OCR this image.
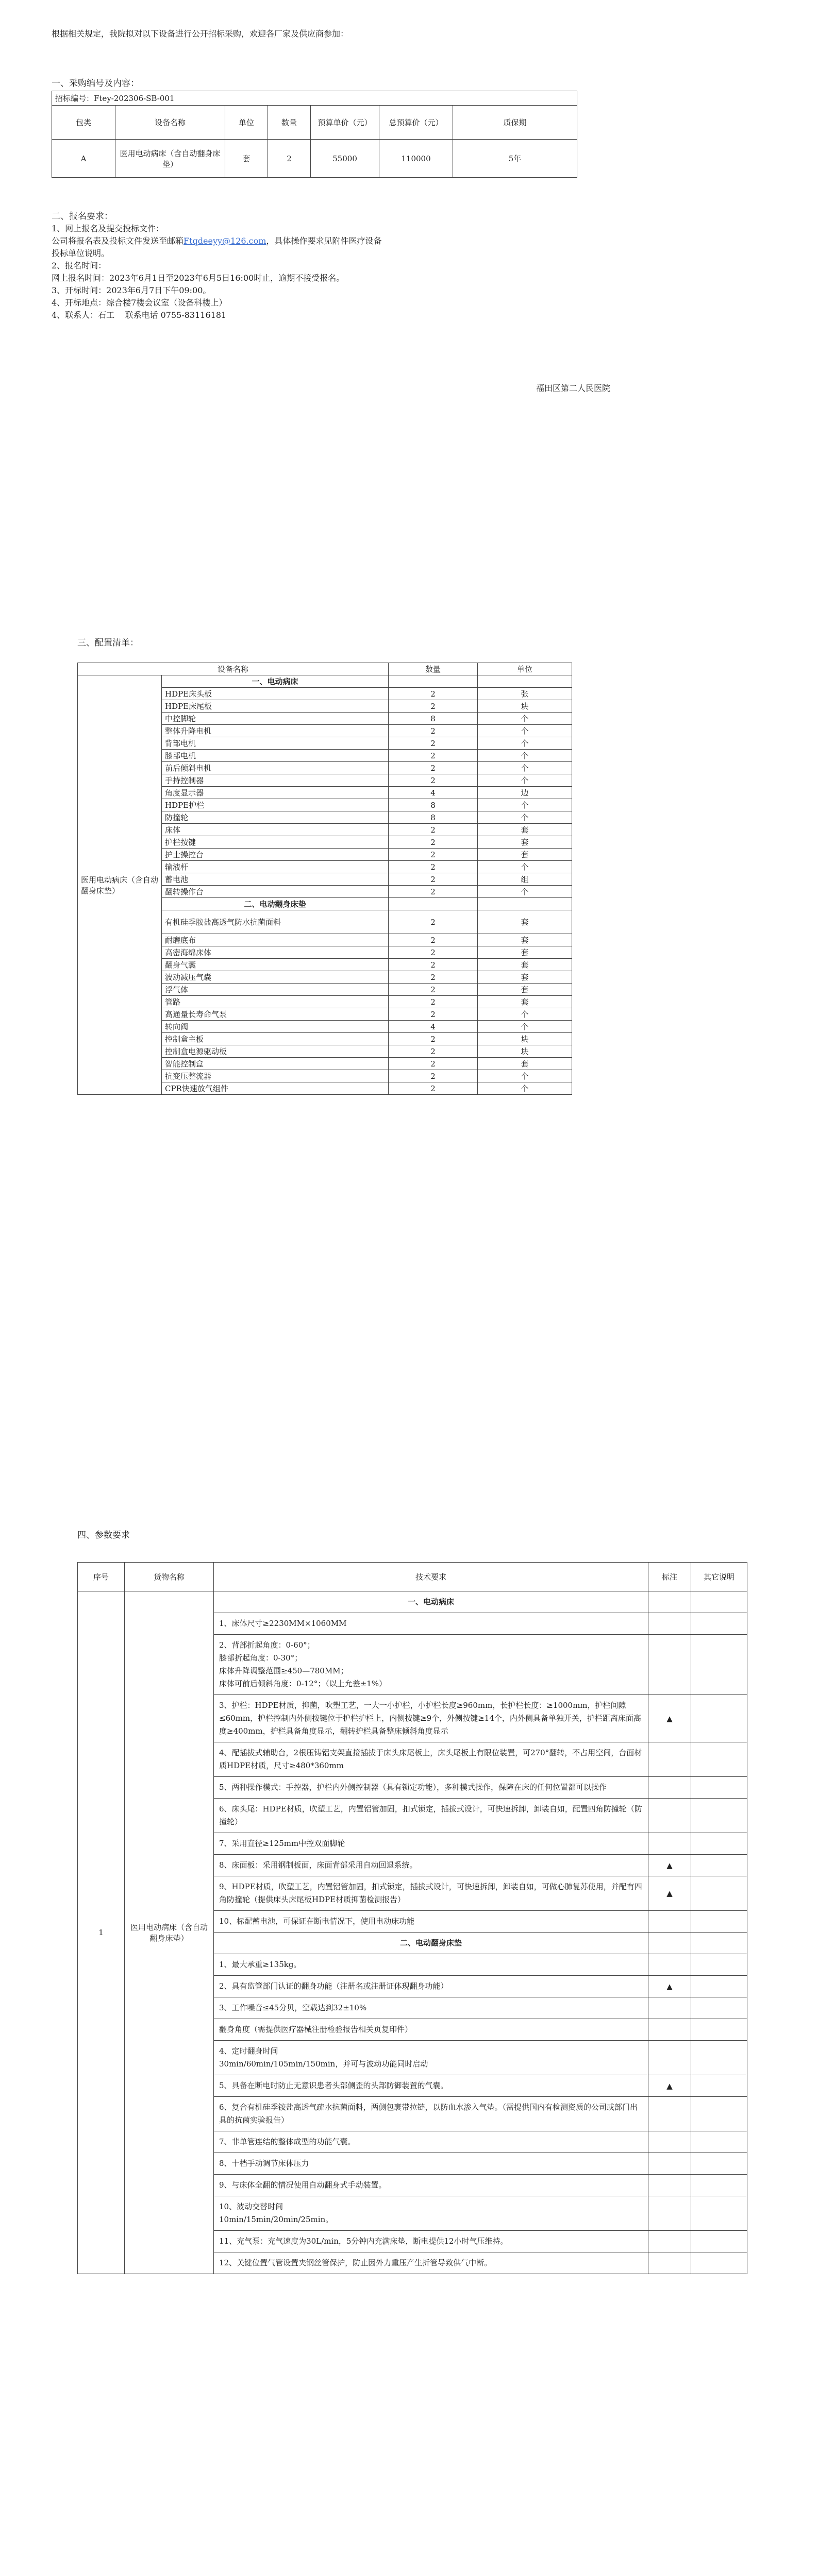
根据相关规定，我院拟对以下设备进行公开招标采购，欢迎各厂家及供应商参加：

一、采购编号及内容：

招标编号：Ftey-202306-SB-001						
包类	设备名称	单位	数量	预算单价（元）	总预算价（元）	质保期
A	医用电动病床（含自动翻身床垫）	套	2	55000	110000	5年

二、报名要求：

1、网上报名及提交投标文件：

公司将报名表及投标文件发送至邮箱Ftqdeeyy@126.com，具体操作要求见附件医疗设备

投标单位说明。

2、报名时间：

网上报名时间：2023年6月1日至2023年6月5日16:00时止，逾期不接受报名。

3、开标时间：2023年6月7日下午09:00。

4、开标地点：综合楼7楼会议室（设备科楼上）

4、联系人：石工    联系电话 0755-83116181

福田区第二人民医院

三、配置清单：

设备名称		数量	单位
医用电动病床（含自动翻身床垫）	一、电动病床		
	HDPE床头板	2	张
	HDPE床尾板	2	块
	中控脚轮	8	个
	整体升降电机	2	个
	背部电机	2	个
	膝部电机	2	个
	前后倾斜电机	2	个
	手持控制器	2	个
	角度显示器	4	边
	HDPE护栏	8	个
	防撞轮	8	个
	床体	2	套
	护栏按键	2	套
	护士操控台	2	套
	输液杆	2	个
	蓄电池	2	组
	翻转操作台	2	个
	二、电动翻身床垫		
	有机硅季胺盐高透气防水抗菌面料	2	套
	耐磨底布	2	套
	高密海绵床体	2	套
	翻身气囊	2	套
	波动减压气囊	2	套
	浮气体	2	套
	管路	2	套
	高通量长寿命气泵	2	个
	转向阀	4	个
	控制盒主板	2	块
	控制盒电源驱动板	2	块
	智能控制盒	2	套
	抗变压整流器	2	个
	CPR快速放气组件	2	个

四、参数要求

序号	货物名称	技术要求	标注	其它说明
1	医用电动病床（含自动翻身床垫）	一、电动病床		
		1、床体尺寸≥2230MM×1060MM		
		2、背部折起角度：0-60°；
膝部折起角度：0-30°；
床体升降调整范围≥450—780MM；
床体可前后倾斜角度：0-12°；（以上允差±1%）		
		3、护栏：HDPE材质，抑菌，吹塑工艺，一大一小护栏，小护栏长度≥960mm，长护栏长度：≥1000mm，护栏间隙≤60mm，护栏控制内外侧按键位于护栏护栏上，内侧按键≥9个，外侧按键≥14个，内外侧具备单独开关，护栏距离床面高度≥400mm，护栏具备角度显示，翻转护栏具备整床倾斜角度显示	▲	
		4、配插拔式辅助台，2根压铸铝支架直接插拔于床头床尾板上，床头尾板上有限位装置，可270°翻转，不占用空间，台面材质HDPE材质，尺寸≥480*360mm		
		5、两种操作模式：手控器，护栏内外侧控制器（具有锁定功能），多种模式操作，保障在床的任何位置都可以操作		
		6、床头尾：HDPE材质，吹塑工艺，内置铝管加固，扣式锁定，插拔式设计，可快速拆卸，卸装自如，配置四角防撞轮（防撞轮）		
		7、采用直径≥125mm中控双面脚轮		
		8、床面板：采用钢制板面，床面背部采用自动回退系统。	▲	
		9、HDPE材质，吹塑工艺，内置铝管加固，扣式锁定，插拔式设计，可快速拆卸，卸装自如，可做心肺复苏使用，并配有四角防撞轮（提供床头床尾板HDPE材质抑菌检测报告）	▲	
		10、标配蓄电池，可保证在断电情况下，使用电动床功能		
		二、电动翻身床垫		
		1、最大承重≥135kg。		
		2、具有监管部门认证的翻身功能（注册名或注册证体现翻身功能）	▲	
		3、工作噪音≤45分贝，空载达到32±10%		
		翻身角度（需提供医疗器械注册检验报告相关页复印件）		
		4、定时翻身时间
30min/60min/105min/150min，并可与波动功能同时启动		
		5、具备在断电时防止无意识患者头部侧歪的头部防御装置的气囊。	▲	
		6、复合有机硅季铵盐高透气疏水抗菌面料，两侧包裹带拉链，以防血水渗入气垫。（需提供国内有检测资质的公司或部门出具的抗菌实验报告）		
		7、非单管连结的整体成型的功能气囊。		
		8、十档手动调节床体压力		
		9、与床体全翻的情况使用自动翻身式手动装置。		
		10、波动交替时间
10min/15min/20min/25min。		
		11、充气泵：充气速度为30L/min，5分钟内充满床垫，断电提供12小时气压维持。		
		12、关键位置气管设置夹钢丝管保护，防止因外力重压产生折管导致供气中断。		
